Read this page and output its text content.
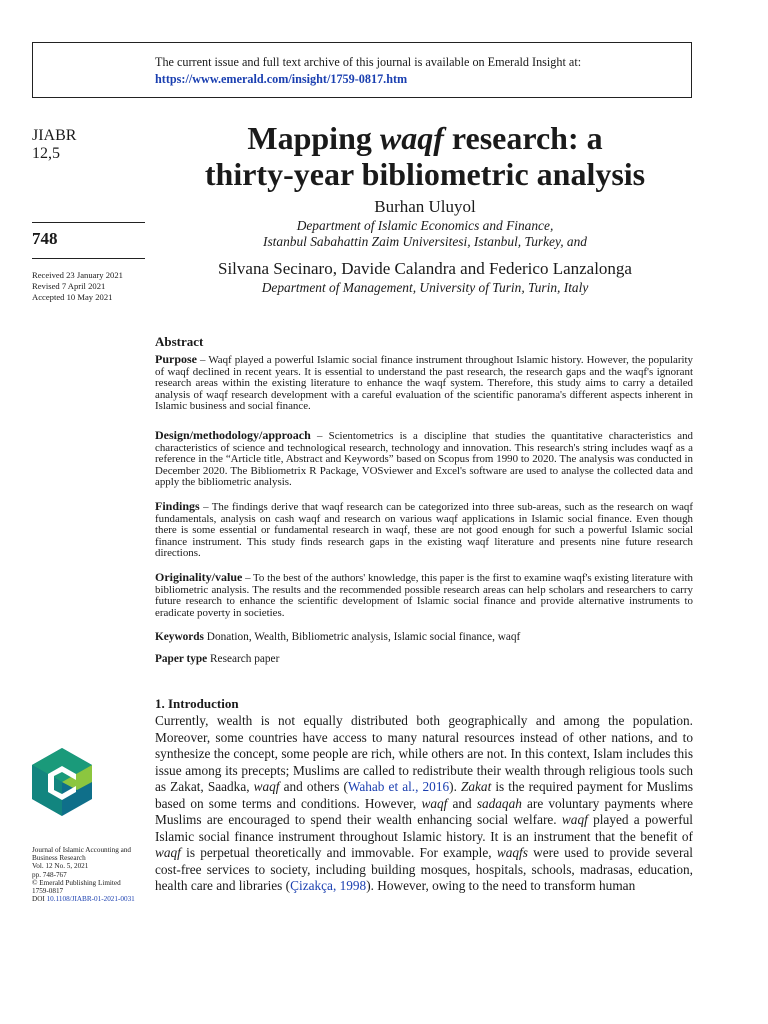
The current issue and full text archive of this journal is available on Emerald Insight at:
https://www.emerald.com/insight/1759-0817.htm
JIABR
12,5
748
Received 23 January 2021
Revised 7 April 2021
Accepted 10 May 2021
Journal of Islamic Accounting and
Business Research
Vol. 12 No. 5, 2021
pp. 748-767
© Emerald Publishing Limited
1759-0817
DOI 10.1108/JIABR-01-2021-0031
Mapping waqf research: a
thirty-year bibliometric analysis
Burhan Uluyol
Department of Islamic Economics and Finance,
Istanbul Sabahattin Zaim Universitesi, Istanbul, Turkey, and
Silvana Secinaro, Davide Calandra and Federico Lanzalonga
Department of Management, University of Turin, Turin, Italy
Abstract
Purpose – Waqf played a powerful Islamic social finance instrument throughout Islamic history. However, the popularity of waqf declined in recent years. It is essential to understand the past research, the research gaps and the waqf's ignorant research areas within the existing literature to enhance the waqf system. Therefore, this study aims to carry a detailed analysis of waqf research development with a careful evaluation of the scientific panorama's different aspects inherent in Islamic business and social finance.
Design/methodology/approach – Scientometrics is a discipline that studies the quantitative characteristics and characteristics of science and technological research, technology and innovation. This research's string includes waqf as a reference in the “Article title, Abstract and Keywords” based on Scopus from 1990 to 2020. The analysis was conducted in December 2020. The Bibliometrix R Package, VOSviewer and Excel's software are used to analyse the collected data and apply the bibliometric analysis.
Findings – The findings derive that waqf research can be categorized into three sub-areas, such as the research on waqf fundamentals, analysis on cash waqf and research on various waqf applications in Islamic social finance. Even though there is some essential or fundamental research in waqf, these are not good enough for such a powerful Islamic social finance instrument. This study finds research gaps in the existing waqf literature and presents nine future research directions.
Originality/value – To the best of the authors' knowledge, this paper is the first to examine waqf's existing literature with bibliometric analysis. The results and the recommended possible research areas can help scholars and researchers to carry future research to enhance the scientific development of Islamic social finance and provide alternative instruments to eradicate poverty in societies.
Keywords Donation, Wealth, Bibliometric analysis, Islamic social finance, waqf
Paper type Research paper
1. Introduction
Currently, wealth is not equally distributed both geographically and among the population. Moreover, some countries have access to many natural resources instead of other nations, and to synthesize the concept, some people are rich, while others are not. In this context, Islam includes this issue among its precepts; Muslims are called to redistribute their wealth through religious tools such as Zakat, Saadka, waqf and others (Wahab et al., 2016). Zakat is the required payment for Muslims based on some terms and conditions. However, waqf and sadaqah are voluntary payments where Muslims are encouraged to spend their wealth enhancing social welfare. waqf played a powerful Islamic social finance instrument throughout Islamic history. It is an instrument that the benefit of waqf is perpetual theoretically and immovable. For example, waqfs were used to provide several cost-free services to society, including building mosques, hospitals, schools, madrasas, education, health care and libraries (Çizakça, 1998). However, owing to the need to transform human
